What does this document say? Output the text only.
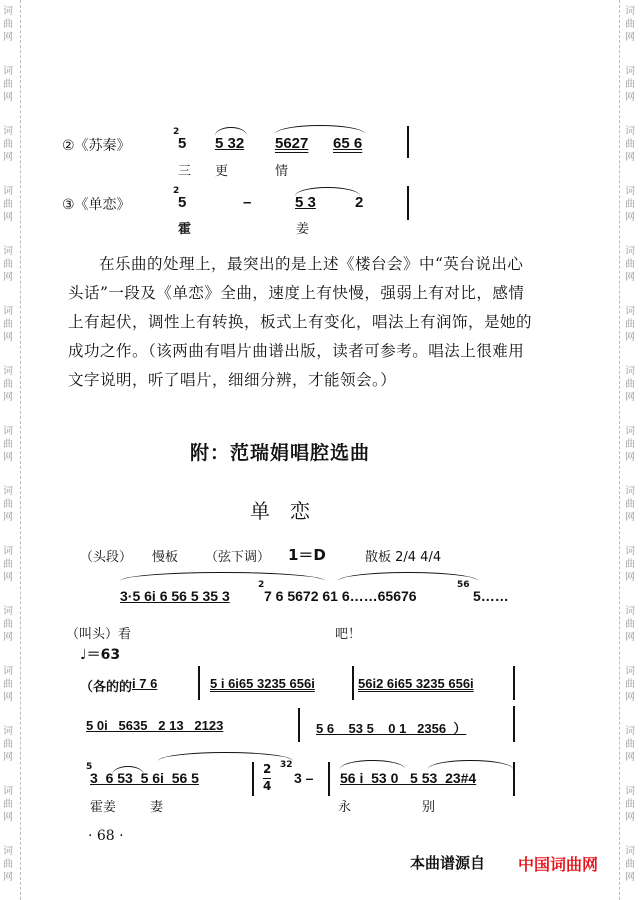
词曲网
词曲网
词曲网
词曲网
词曲网
词曲网
词曲网
词曲网
词曲网
词曲网
词曲网
词曲网
词曲网
词曲网
词曲网
词曲网
词曲网
词曲网
词曲网
词曲网
词曲网
词曲网
词曲网
词曲网
词曲网
词曲网
词曲网
词曲网
词曲网
词曲网
②《苏秦》
2
5 5 32 5627 65 6
三 更	情
③《单恋》
2
5	–	5 3	2
霍	姜
在乐曲的处理上，最突出的是上述《楼台会》中“英台说出心头话”一段及《单恋》全曲，速度上有快慢，强弱上有对比，感情上有起伏，调性上有转换，板式上有变化，唱法上有润饰，是她的成功之作。（该两曲有唱片曲谱出版，读者可参考。唱法上很难用文字说明，听了唱片，细细分辨，才能领会。）
附：范瑞娟唱腔选曲
单　恋
（头段） 慢板 （弦下调） 1＝D	散板 2/4 4/4
3·5 6i 6 56 5 35 3
2
7 6 5672 61 6……65676
56
5……
（叫头）看	吧！
♩＝63
（各的的 i 7 6	5 i 6i65 3235 656i	56i2 6i65 3235 656i
5 0i   5635   2 13   2123	5 6    53 5    0 1   2356  ）
5
3  6 53  5 6i  56 5
2
4
32
3 – 56 i  53 0   5 53  23#4
霍姜	妻	永	别
· 68 ·
本曲谱源自 中国词曲网
